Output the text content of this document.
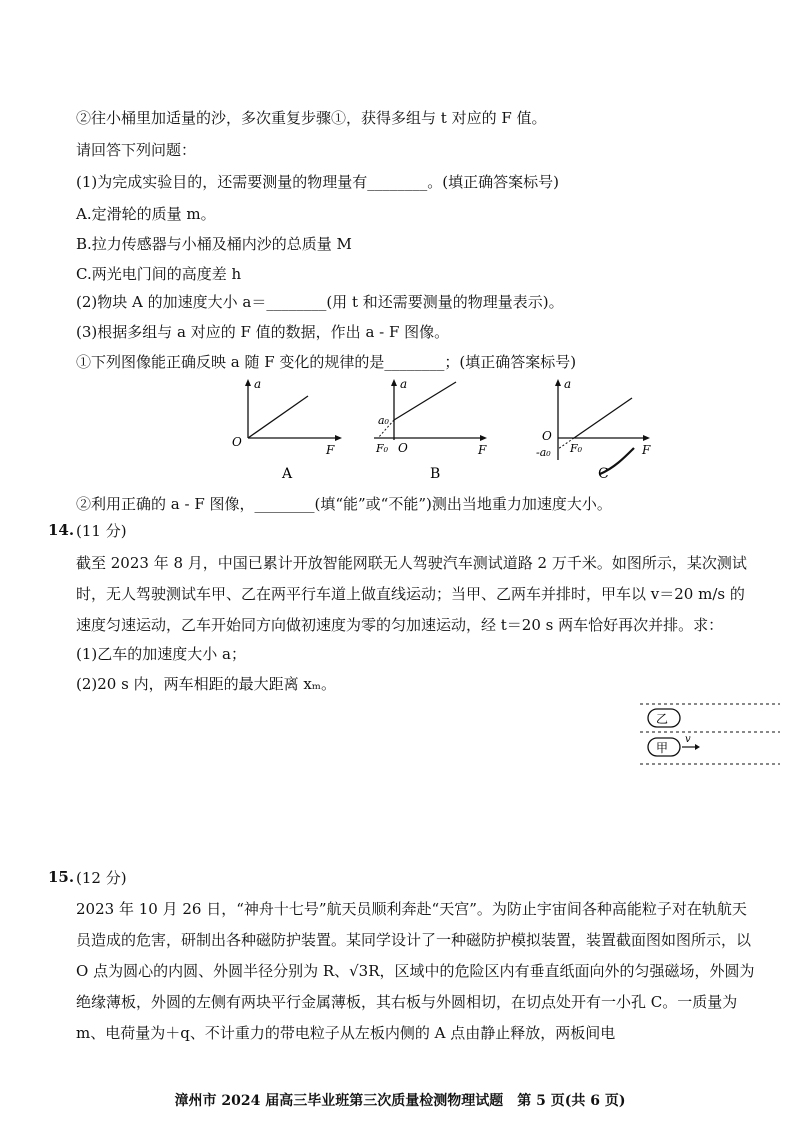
②往小桶里加适量的沙，多次重复步骤①，获得多组与 t 对应的 F 值。
请回答下列问题：
(1)为完成实验目的，还需要测量的物理量有________。(填正确答案标号)
A.定滑轮的质量 m。
B.拉力传感器与小桶及桶内沙的总质量 M
C.两光电门间的高度差 h
(2)物块 A 的加速度大小 a＝________(用 t 和还需要测量的物理量表示)。
(3)根据多组与 a 对应的 F 值的数据，作出 a - F 图像。
①下列图像能正确反映 a 随 F 变化的规律的是________；(填正确答案标号)
a
F
O
A
a
F
a₀
F₀ O
B
a
F
O
-a₀ F₀
C
②利用正确的 a - F 图像，________(填“能”或“不能”)测出当地重力加速度大小。
14. (11 分)
截至 2023 年 8 月，中国已累计开放智能网联无人驾驶汽车测试道路 2 万千米。如图所示，某次测试时，无人驾驶测试车甲、乙在两平行车道上做直线运动；当甲、乙两车并排时，甲车以 v＝20 m/s 的速度匀速运动，乙车开始同方向做初速度为零的匀加速运动，经 t＝20 s 两车恰好再次并排。求：
(1)乙车的加速度大小 a；
(2)20 s 内，两车相距的最大距离 xₘ。
乙
甲
v
15. (12 分)
2023 年 10 月 26 日，“神舟十七号”航天员顺利奔赴“天宫”。为防止宇宙间各种高能粒子对在轨航天员造成的危害，研制出各种磁防护装置。某同学设计了一种磁防护模拟装置，装置截面图如图所示，以 O 点为圆心的内圆、外圆半径分别为 R、√3R，区域中的危险区内有垂直纸面向外的匀强磁场，外圆为绝缘薄板，外圆的左侧有两块平行金属薄板，其右板与外圆相切，在切点处开有一小孔 C。一质量为 m、电荷量为＋q、不计重力的带电粒子从左板内侧的 A 点由静止释放，两板间电
漳州市 2024 届高三毕业班第三次质量检测物理试题　第 5 页(共 6 页)
